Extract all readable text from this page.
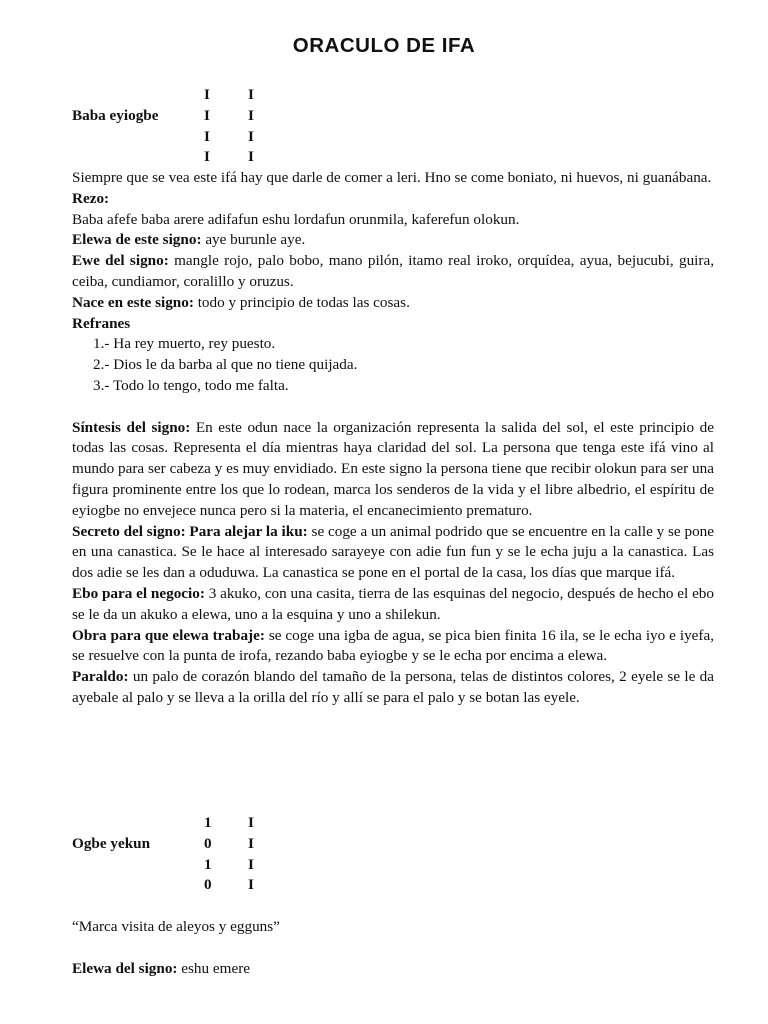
ORACULO DE IFA
I	I
Baba eyiogbe	I	I
I	I
I	I

Siempre que se vea este ifá hay que darle de comer a leri. Hno se come boniato, ni huevos, ni guanábana.

Rezo:

Baba afefe baba arere adifafun eshu lordafun orunmila, kaferefun olokun.

Elewa de este signo: aye burunle aye.

Ewe del signo: mangle rojo, palo bobo, mano pilón, itamo real iroko, orquídea, ayua, bejucubi, guira, ceiba, cundiamor, coralillo y oruzus.

Nace en este signo: todo y principio de todas las cosas.

Refranes

1.- Ha rey muerto, rey puesto.
2.- Dios le da barba al que no tiene quijada.
3.- Todo lo tengo, todo me falta.

Síntesis del signo: En este odun nace la organización representa la salida del sol, el este principio de todas las cosas. Representa el día mientras haya claridad del sol. La persona que tenga este ifá vino al mundo para ser cabeza y es muy envidiado. En este signo la persona tiene que recibir olokun para ser una figura prominente entre los que lo rodean, marca los senderos de la vida y el libre albedrio, el espíritu de eyiogbe no envejece nunca pero si la materia, el encanecimiento prematuro.

Secreto del signo: Para alejar la iku: se coge a un animal podrido que se encuentre en la calle y se pone en una canastica. Se le hace al interesado sarayeye con adie fun fun y se le echa juju a la canastica. Las dos adie se les dan a oduduwa. La canastica se pone en el portal de la casa, los días que marque ifá.

Ebo para el negocio: 3 akuko, con una casita, tierra de las esquinas del negocio, después de hecho el ebo se le da un akuko a elewa, uno a la esquina y uno a shilekun.

Obra para que elewa trabaje: se coge una igba de agua, se pica bien finita 16 ila, se le echa iyo e iyefa, se resuelve con la punta de irofa, rezando baba eyiogbe y se le echa por encima a elewa.

Paraldo: un palo de corazón blando del tamaño de la persona, telas de distintos colores, 2 eyele se le da ayebale al palo y se lleva a la orilla del río y allí se para el palo y se botan las eyele.

1 I
Ogbe yekun	0 I
1 I
0 I
“Marca visita de aleyos y egguns”
Elewa del signo: eshu emere
